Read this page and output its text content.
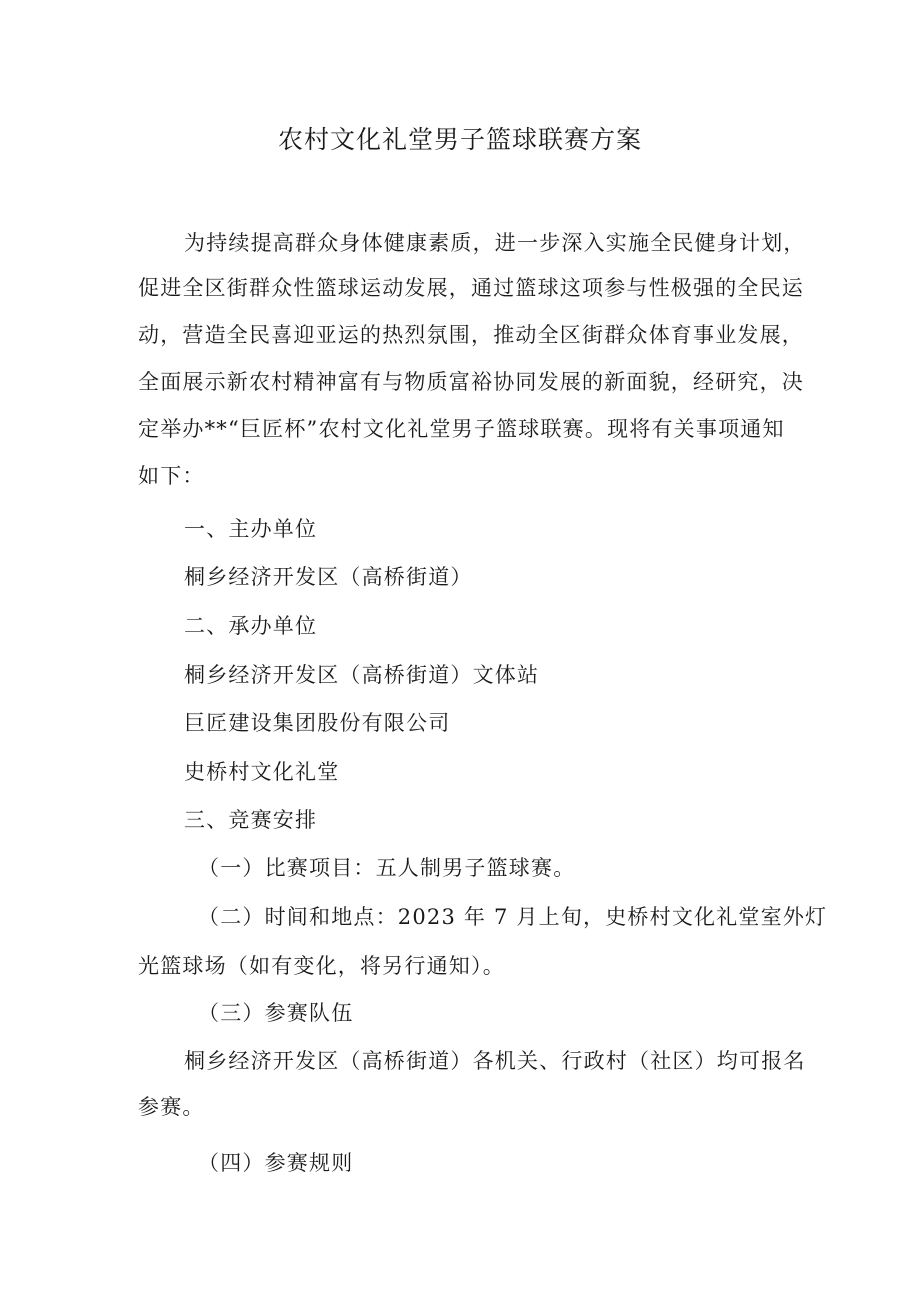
农村文化礼堂男子篮球联赛方案
为持续提高群众身体健康素质，进一步深入实施全民健身计划，
促进全区街群众性篮球运动发展，通过篮球这项参与性极强的全民运
动，营造全民喜迎亚运的热烈氛围，推动全区街群众体育事业发展，
全面展示新农村精神富有与物质富裕协同发展的新面貌，经研究，决
定举办**“巨匠杯”农村文化礼堂男子篮球联赛。现将有关事项通知
如下：
一、主办单位
桐乡经济开发区（高桥街道）
二、承办单位
桐乡经济开发区（高桥街道）文体站
巨匠建设集团股份有限公司
史桥村文化礼堂
三、竞赛安排
（一）比赛项目：五人制男子篮球赛。
（二）时间和地点：2023 年 7 月上旬，史桥村文化礼堂室外灯
光篮球场（如有变化，将另行通知）。
（三）参赛队伍
桐乡经济开发区（高桥街道）各机关、行政村（社区）均可报名
参赛。
（四）参赛规则
